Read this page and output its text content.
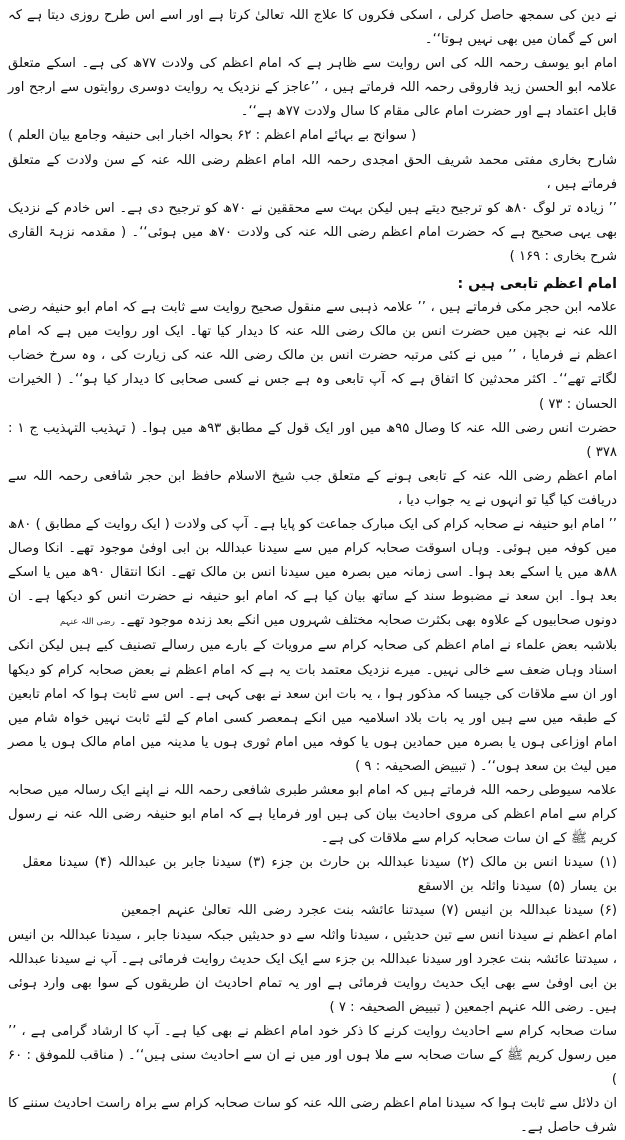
نے دین کی سمجھ حاصل کرلی ، اسکی فکروں کا علاج اللہ تعالیٰ کرتا ہے اور اسے اس طرح روزی دیتا ہے کہ اس کے گمان میں بھی نہیں ہوتا‘‘۔

امام ابو یوسف رحمہ اللہ کی اس روایت سے ظاہر ہے کہ امام اعظم کی ولادت ۷۷ھ کی ہے۔ اسکے متعلق علامہ ابو الحسن زید فاروقی رحمہ اللہ فرماتے ہیں ، ’’عاجز کے نزدیک یہ روایت دوسری روایتوں سے ارجح اور قابل اعتماد ہے اور حضرت امام عالی مقام کا سال ولادت ۷۷ھ ہے‘‘۔

( سوانح بے بہائے امام اعظم : ۶۲ بحوالہ اخبار ابی حنیفہ وجامع بیان العلم )

شارح بخاری مفتی محمد شریف الحق امجدی رحمہ اللہ امام اعظم رضی اللہ عنہ کے سن ولادت کے متعلق فرماتے ہیں ،

’’ زیادہ تر لوگ ۸۰ھ کو ترجیح دیتے ہیں لیکن بہت سے محققین نے ۷۰ھ کو ترجیح دی ہے۔ اس خادم کے نزدیک بھی یہی صحیح ہے کہ حضرت امام اعظم رضی اللہ عنہ کی ولادت ۷۰ھ میں ہوئی‘‘۔ ( مقدمہ نزہۃ القاری شرح بخاری : ۱۶۹ )

امام اعظم تابعی ہیں :

علامہ ابن حجر مکی فرماتے ہیں ، ’’ علامہ ذہبی سے منقول صحیح روایت سے ثابت ہے کہ امام ابو حنیفہ رضی اللہ عنہ نے بچپن میں حضرت انس بن مالک رضی اللہ عنہ کا دیدار کیا تھا۔ ایک اور روایت میں ہے کہ امام اعظم نے فرمایا ، ’’ میں نے کئی مرتبہ حضرت انس بن مالک رضی اللہ عنہ کی زیارت کی ، وہ سرخ خضاب لگاتے تھے‘‘۔ اکثر محدثین کا اتفاق ہے کہ آپ تابعی وہ ہے جس نے کسی صحابی کا دیدار کیا ہو‘‘۔ ( الخیرات الحسان : ۷۳ )

حضرت انس رضی اللہ عنہ کا وصال ۹۵ھ میں اور ایک قول کے مطابق ۹۳ھ میں ہوا۔ ( تہذیب التہذیب ج ۱ : ۳۷۸ )

امام اعظم رضی اللہ عنہ کے تابعی ہونے کے متعلق جب شیخ الاسلام حافظ ابن حجر شافعی رحمہ اللہ سے دریافت کیا گیا تو انہوں نے یہ جواب دیا ،

’’ امام ابو حنیفہ نے صحابہ کرام کی ایک مبارک جماعت کو پایا ہے۔ آپ کی ولادت ( ایک روایت کے مطابق ) ۸۰ھ میں کوفہ میں ہوئی۔ وہاں اسوقت صحابہ کرام میں سے سیدنا عبداللہ بن ابی اوفیٰ موجود تھے۔ انکا وصال ۸۸ھ میں یا اسکے بعد ہوا۔ اسی زمانہ میں بصرہ میں سیدنا انس بن مالک تھے۔ انکا انتقال ۹۰ھ میں یا اسکے بعد ہوا۔ ابن سعد نے مضبوط سند کے ساتھ بیان کیا ہے کہ امام ابو حنیفہ نے حضرت انس کو دیکھا ہے۔ ان دونوں صحابیوں کے علاوہ بھی بکثرت صحابہ مختلف شہروں میں انکے بعد زندہ موجود تھے۔ رضی اللہ عنہم

بلاشبہ بعض علماء نے امام اعظم کی صحابہ کرام سے مرویات کے بارے میں رسالے تصنیف کیے ہیں لیکن انکی اسناد وہاں ضعف سے خالی نہیں۔ میرے نزدیک معتمد بات یہ ہے کہ امام اعظم نے بعض صحابہ کرام کو دیکھا اور ان سے ملاقات کی جیسا کہ مذکور ہوا ، یہ بات ابن سعد نے بھی کہی ہے۔ اس سے ثابت ہوا کہ امام تابعین کے طبقہ میں سے ہیں اور یہ بات بلاد اسلامیہ میں انکے ہمعصر کسی امام کے لئے ثابت نہیں خواہ شام میں امام اوزاعی ہوں یا بصرہ میں حمادین ہوں یا کوفہ میں امام ثوری ہوں یا مدینہ میں امام مالک ہوں یا مصر میں لیث بن سعد ہوں‘‘۔ ( تبییض الصحیفہ : ۹ )

علامہ سیوطی رحمہ اللہ فرماتے ہیں کہ امام ابو معشر طبری شافعی رحمہ اللہ نے اپنے ایک رسالہ میں صحابہ کرام سے امام اعظم کی مروی احادیث بیان کی ہیں اور فرمایا ہے کہ امام ابو حنیفہ رضی اللہ عنہ نے رسول کریم ﷺ کے ان سات صحابہ کرام سے ملاقات کی ہے۔

(۱) سیدنا انس بن مالک (۲) سیدنا عبداللہ بن حارث بن جزء (۳) سیدنا جابر بن عبداللہ (۴) سیدنا معقل بن یسار (۵) سیدنا واثلہ بن الاسقع

(۶) سیدنا عبداللہ بن انیس (۷) سیدتنا عائشہ بنت عجرد رضی اللہ تعالیٰ عنہم اجمعین

امام اعظم نے سیدنا انس سے تین حدیثیں ، سیدنا واثلہ سے دو حدیثیں جبکہ سیدنا جابر ، سیدنا عبداللہ بن انیس ، سیدتنا عائشہ بنت عجرد اور سیدنا عبداللہ بن جزء سے ایک ایک حدیث روایت فرمائی ہے۔ آپ نے سیدنا عبداللہ بن ابی اوفیٰ سے بھی ایک حدیث روایت فرمائی ہے اور یہ تمام احادیث ان طریقوں کے سوا بھی وارد ہوئی ہیں۔ رضی اللہ عنہم اجمعین ( تبییض الصحیفہ : ۷ )

سات صحابہ کرام سے احادیث روایت کرنے کا ذکر خود امام اعظم نے بھی کیا ہے۔ آپ کا ارشاد گرامی ہے ، ’’ میں رسول کریم ﷺ کے سات صحابہ سے ملا ہوں اور میں نے ان سے احادیث سنی ہیں‘‘۔ ( مناقب للموفق : ۶۰ )

ان دلائل سے ثابت ہوا کہ سیدنا امام اعظم رضی اللہ عنہ کو سات صحابہ کرام سے براہ راست احادیث سننے کا شرف حاصل ہے۔
